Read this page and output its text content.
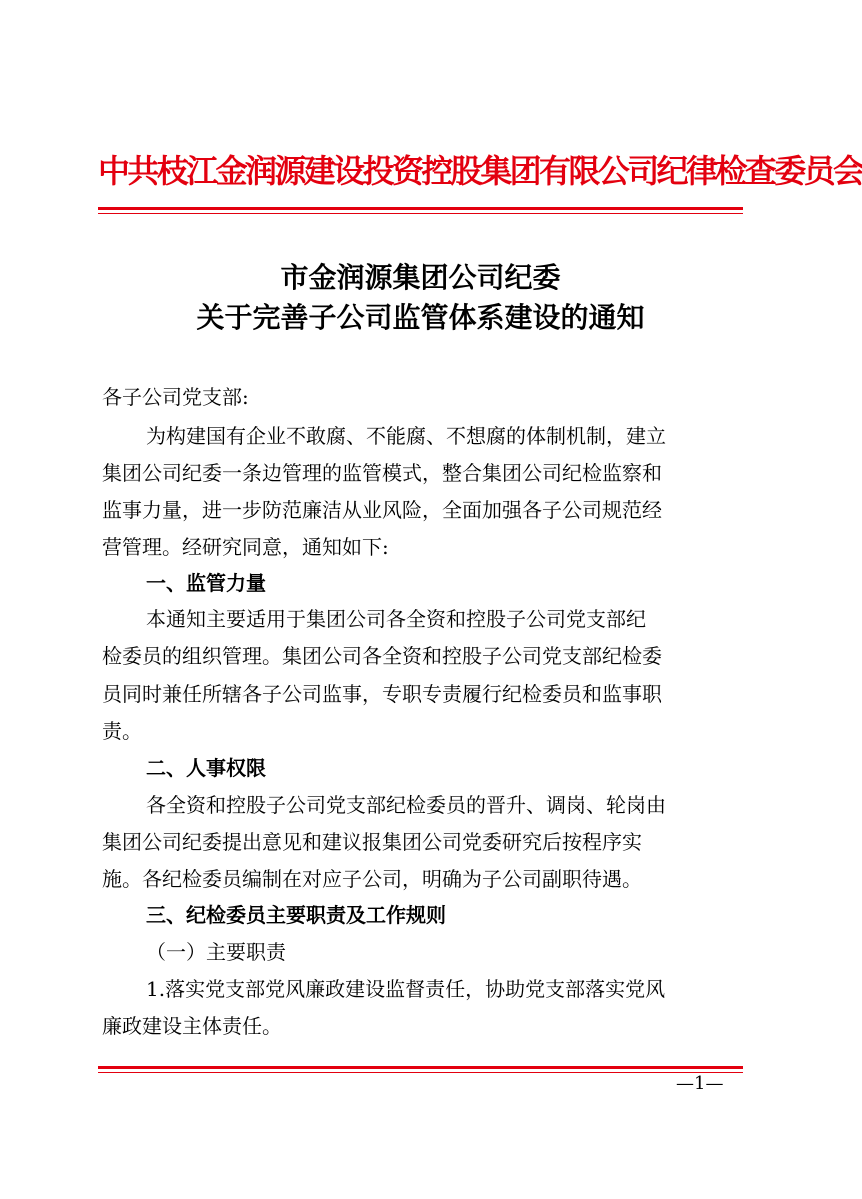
中共枝江金润源建设投资控股集团有限公司纪律检查委员会
市金润源集团公司纪委
关于完善子公司监管体系建设的通知
各子公司党支部:
为构建国有企业不敢腐、不能腐、不想腐的体制机制，建立
集团公司纪委一条边管理的监管模式，整合集团公司纪检监察和
监事力量，进一步防范廉洁从业风险，全面加强各子公司规范经
营管理。经研究同意，通知如下:
一、监管力量
本通知主要适用于集团公司各全资和控股子公司党支部纪
检委员的组织管理。集团公司各全资和控股子公司党支部纪检委
员同时兼任所辖各子公司监事，专职专责履行纪检委员和监事职
责。
二、人事权限
各全资和控股子公司党支部纪检委员的晋升、调岗、轮岗由
集团公司纪委提出意见和建议报集团公司党委研究后按程序实
施。各纪检委员编制在对应子公司，明确为子公司副职待遇。
三、纪检委员主要职责及工作规则
（一）主要职责
1.落实党支部党风廉政建设监督责任，协助党支部落实党风
廉政建设主体责任。
—1—
